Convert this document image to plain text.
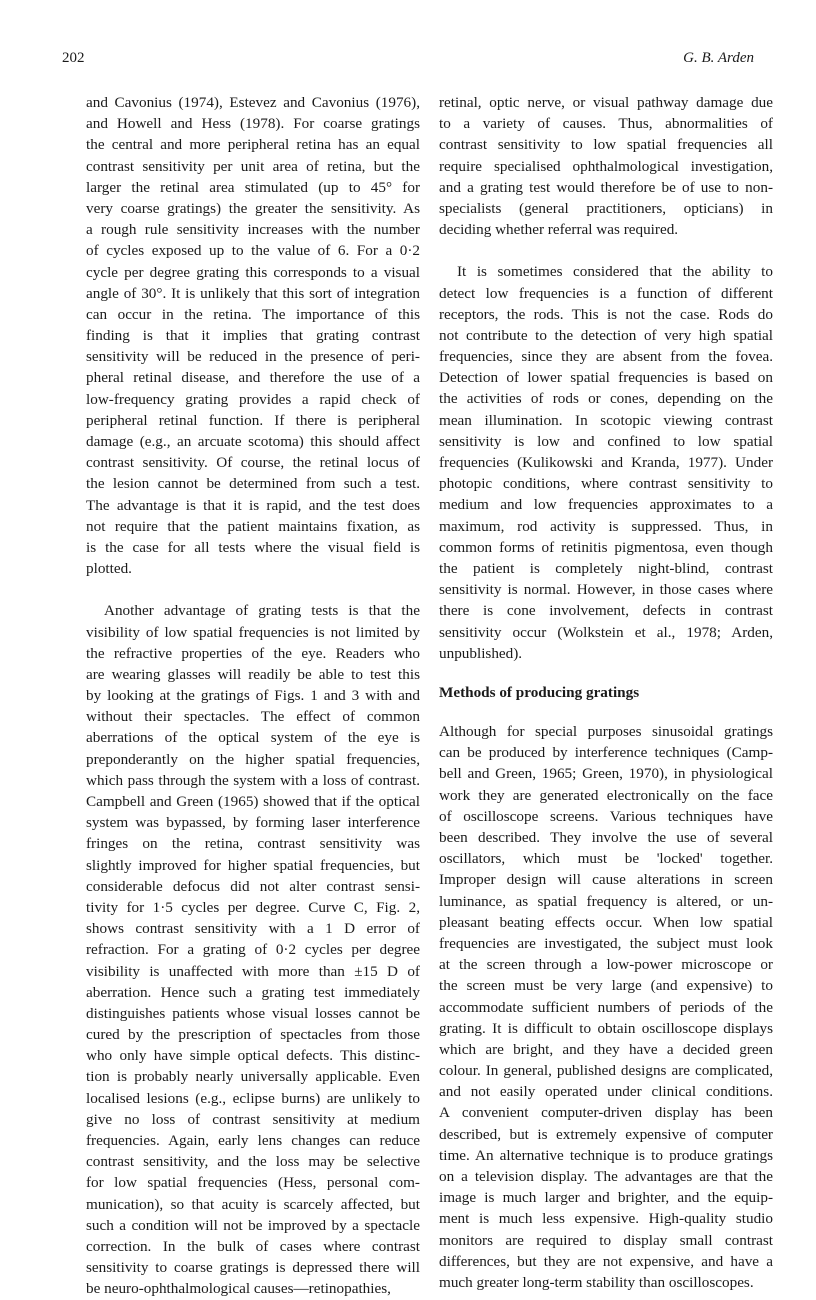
202	G. B. Arden
and Cavonius (1974), Estevez and Cavonius (1976),
and Howell and Hess (1978). For coarse gratings
the central and more peripheral retina has an equal
contrast sensitivity per unit area of retina, but the
larger the retinal area stimulated (up to 45° for
very coarse gratings) the greater the sensitivity. As
a rough rule sensitivity increases with the number
of cycles exposed up to the value of 6. For a 0·2
cycle per degree grating this corresponds to a visual
angle of 30°. It is unlikely that this sort of integration
can occur in the retina. The importance of this
finding is that it implies that grating contrast
sensitivity will be reduced in the presence of peri-
pheral retinal disease, and therefore the use of a
low-frequency grating provides a rapid check of
peripheral retinal function. If there is peripheral
damage (e.g., an arcuate scotoma) this should affect
contrast sensitivity. Of course, the retinal locus of
the lesion cannot be determined from such a test.
The advantage is that it is rapid, and the test does
not require that the patient maintains fixation, as
is the case for all tests where the visual field is
plotted.
Another advantage of grating tests is that the
visibility of low spatial frequencies is not limited by
the refractive properties of the eye. Readers who
are wearing glasses will readily be able to test this
by looking at the gratings of Figs. 1 and 3 with and
without their spectacles. The effect of common
aberrations of the optical system of the eye is
preponderantly on the higher spatial frequencies,
which pass through the system with a loss of contrast.
Campbell and Green (1965) showed that if the optical
system was bypassed, by forming laser interference
fringes on the retina, contrast sensitivity was
slightly improved for higher spatial frequencies, but
considerable defocus did not alter contrast sensi-
tivity for 1·5 cycles per degree. Curve C, Fig. 2,
shows contrast sensitivity with a 1 D error of
refraction. For a grating of 0·2 cycles per degree
visibility is unaffected with more than ±15 D of
aberration. Hence such a grating test immediately
distinguishes patients whose visual losses cannot be
cured by the prescription of spectacles from those
who only have simple optical defects. This distinc-
tion is probably nearly universally applicable. Even
localised lesions (e.g., eclipse burns) are unlikely to
give no loss of contrast sensitivity at medium
frequencies. Again, early lens changes can reduce
contrast sensitivity, and the loss may be selective
for low spatial frequencies (Hess, personal com-
munication), so that acuity is scarcely affected, but
such a condition will not be improved by a spectacle
correction. In the bulk of cases where contrast
sensitivity to coarse gratings is depressed there will
be neuro-ophthalmological causes—retinopathies,
retinal, optic nerve, or visual pathway damage due
to a variety of causes. Thus, abnormalities of
contrast sensitivity to low spatial frequencies all
require specialised ophthalmological investigation,
and a grating test would therefore be of use to non-
specialists (general practitioners, opticians) in
deciding whether referral was required.
It is sometimes considered that the ability to
detect low frequencies is a function of different
receptors, the rods. This is not the case. Rods do
not contribute to the detection of very high spatial
frequencies, since they are absent from the fovea.
Detection of lower spatial frequencies is based on
the activities of rods or cones, depending on the
mean illumination. In scotopic viewing contrast
sensitivity is low and confined to low spatial
frequencies (Kulikowski and Kranda, 1977). Under
photopic conditions, where contrast sensitivity to
medium and low frequencies approximates to a
maximum, rod activity is suppressed. Thus, in
common forms of retinitis pigmentosa, even though
the patient is completely night-blind, contrast
sensitivity is normal. However, in those cases where
there is cone involvement, defects in contrast
sensitivity occur (Wolkstein et al., 1978; Arden,
unpublished).
Methods of producing gratings
Although for special purposes sinusoidal gratings
can be produced by interference techniques (Camp-
bell and Green, 1965; Green, 1970), in physiological
work they are generated electronically on the face
of oscilloscope screens. Various techniques have
been described. They involve the use of several
oscillators, which must be 'locked' together.
Improper design will cause alterations in screen
luminance, as spatial frequency is altered, or un-
pleasant beating effects occur. When low spatial
frequencies are investigated, the subject must look
at the screen through a low-power microscope or
the screen must be very large (and expensive) to
accommodate sufficient numbers of periods of the
grating. It is difficult to obtain oscilloscope displays
which are bright, and they have a decided green
colour. In general, published designs are complicated,
and not easily operated under clinical conditions.
A convenient computer-driven display has been
described, but is extremely expensive of computer
time. An alternative technique is to produce gratings
on a television display. The advantages are that the
image is much larger and brighter, and the equip-
ment is much less expensive. High-quality studio
monitors are required to display small contrast
differences, but they are not expensive, and have a
much greater long-term stability than oscilloscopes.
